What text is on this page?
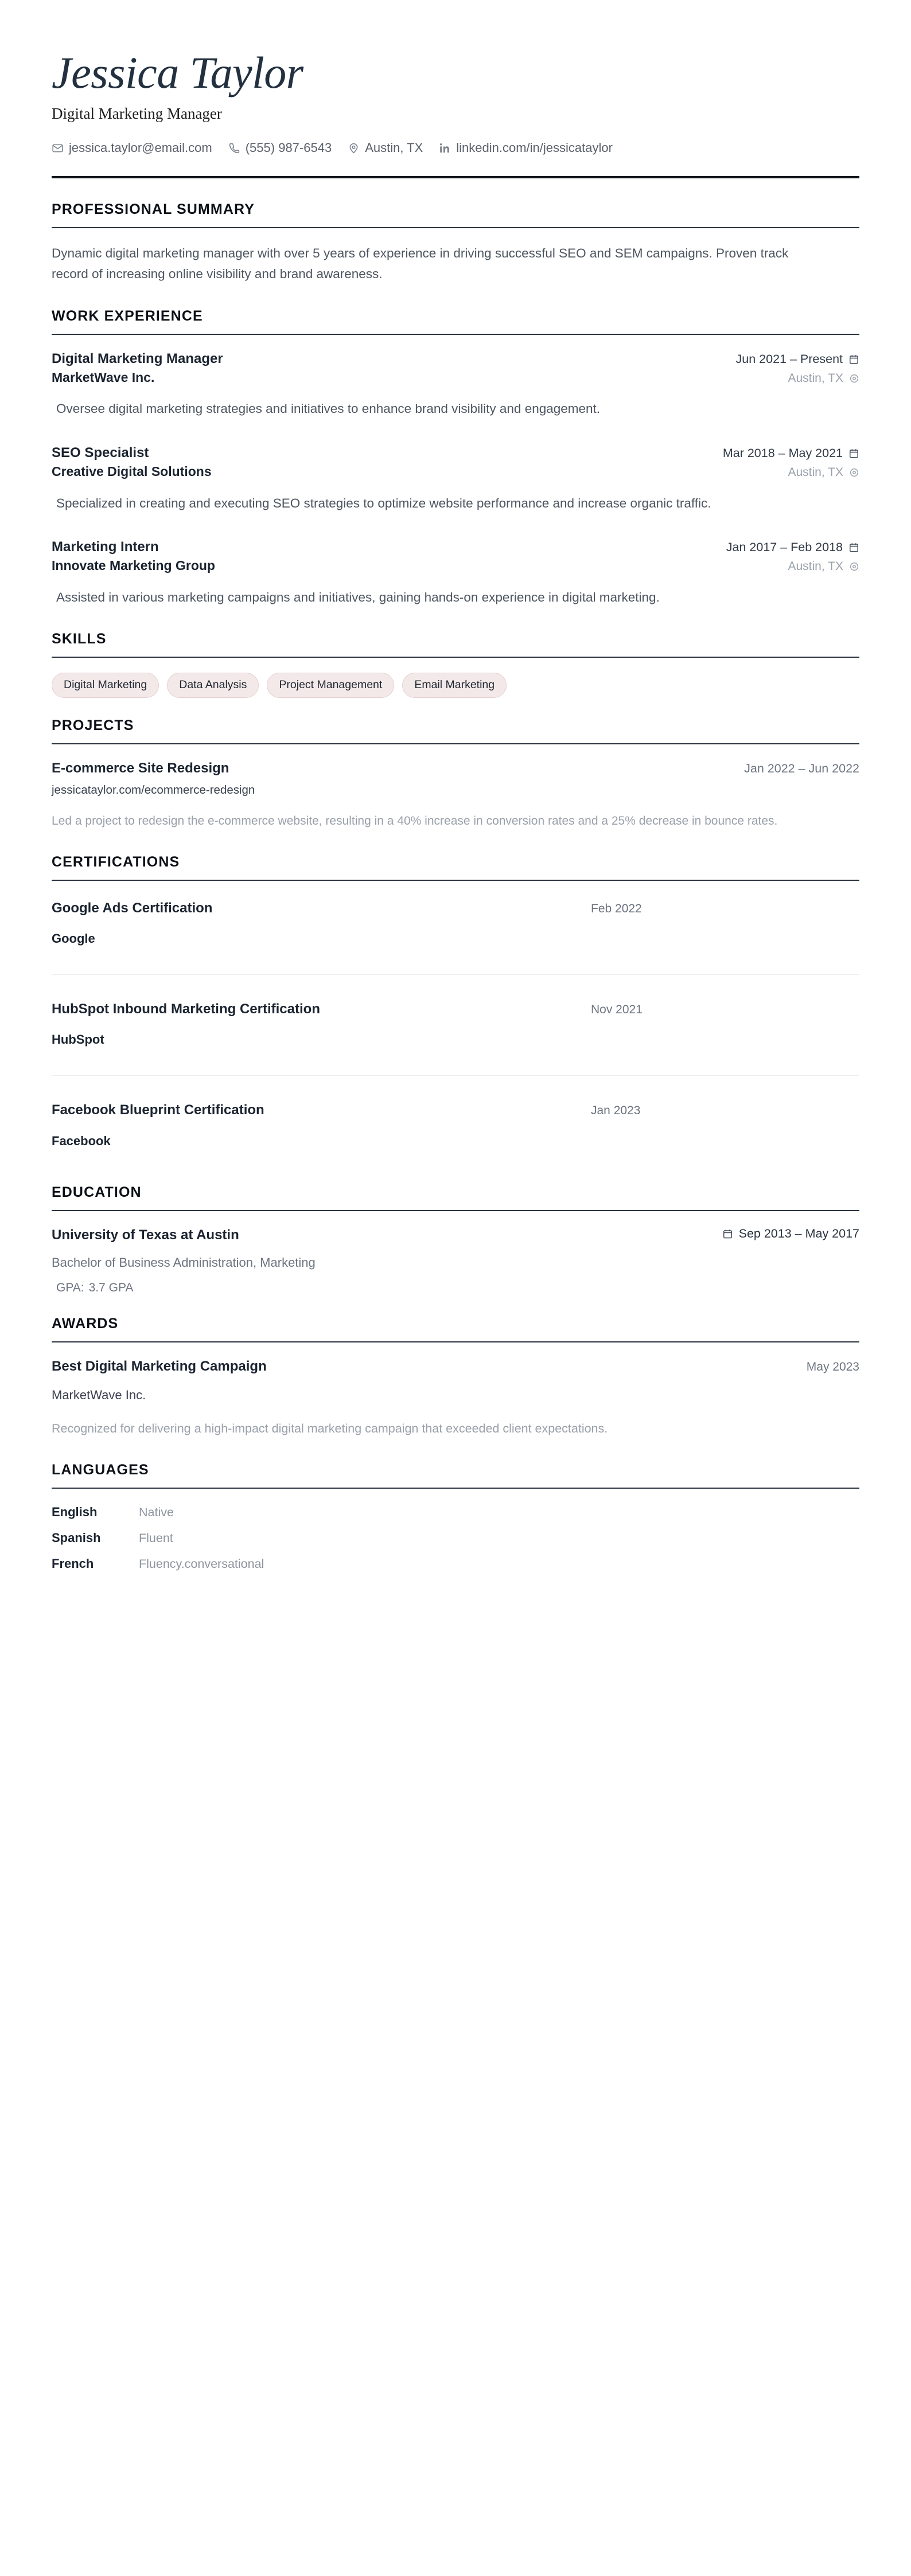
Jessica Taylor
Digital Marketing Manager
jessica.taylor@email.com	(555) 987-6543	Austin, TX	linkedin.com/in/jessicataylor
PROFESSIONAL SUMMARY

Dynamic digital marketing manager with over 5 years of experience in driving successful SEO and SEM campaigns. Proven track record of increasing online visibility and brand awareness.

WORK EXPERIENCE
Digital Marketing Manager	Jun 2021 – Present
MarketWave Inc.	Austin, TX

Oversee digital marketing strategies and initiatives to enhance brand visibility and engagement.

SEO Specialist	Mar 2018 – May 2021
Creative Digital Solutions	Austin, TX

Specialized in creating and executing SEO strategies to optimize website performance and increase organic traffic.

Marketing Intern	Jan 2017 – Feb 2018
Innovate Marketing Group	Austin, TX

Assisted in various marketing campaigns and initiatives, gaining hands-on experience in digital marketing.

SKILLS
Digital Marketing	Data Analysis	Project Management	Email Marketing
PROJECTS
E-commerce Site Redesign	Jan 2022 – Jun 2022
jessicataylor.com/ecommerce-redesign

Led a project to redesign the e-commerce website, resulting in a 40% increase in conversion rates and a 25% decrease in bounce rates.

CERTIFICATIONS
Google Ads Certification	Feb 2022
Google
HubSpot Inbound Marketing Certification	Nov 2021
HubSpot
Facebook Blueprint Certification	Jan 2023
Facebook
EDUCATION
University of Texas at Austin	Sep 2013 – May 2017
Bachelor of Business Administration, Marketing
GPA: 3.7 GPA
AWARDS
Best Digital Marketing Campaign	May 2023
MarketWave Inc.

Recognized for delivering a high-impact digital marketing campaign that exceeded client expectations.

LANGUAGES
English	Native
Spanish	Fluent
French	Fluency.conversational
